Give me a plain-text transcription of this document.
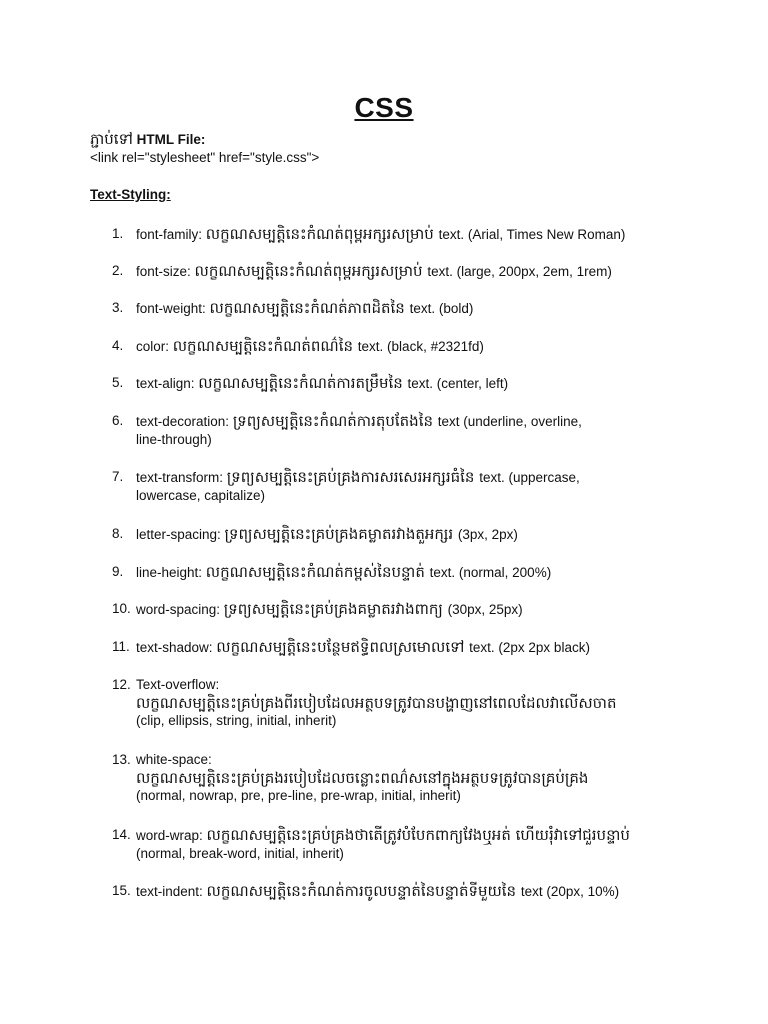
CSS
ភ្ជាប់ទៅ HTML File:
<link rel="stylesheet" href="style.css">
Text-Styling:
1. font-family: លក្ខណសម្បត្តិនេះកំណត់ពុម្ពអក្សរសម្រាប់ text. (Arial, Times New Roman)
2. font-size: លក្ខណសម្បត្តិនេះកំណត់ពុម្ពអក្សរសម្រាប់ text. (large, 200px, 2em, 1rem)
3. font-weight: លក្ខណសម្បត្តិនេះកំណត់ភាពដិតនៃ text. (bold)
4. color: លក្ខណសម្បត្តិនេះកំណត់ពណ៌នៃ text. (black, #2321fd)
5. text-align: លក្ខណសម្បត្តិនេះកំណត់ការតម្រឹមនៃ text. (center, left)
6. text-decoration: ទ្រព្យសម្បត្តិនេះកំណត់ការតុបតែងនៃ text (underline, overline,
line-through)
7. text-transform: ទ្រព្យសម្បត្តិនេះគ្រប់គ្រងការសរសេរអក្សរធំនៃ text. (uppercase,
lowercase, capitalize)
8. letter-spacing: ទ្រព្យសម្បត្តិនេះគ្រប់គ្រងគម្លាតរវាងតួអក្សរ (3px, 2px)
9. line-height: លក្ខណសម្បត្តិនេះកំណត់កម្ពស់នៃបន្ទាត់ text. (normal, 200%)
10. word-spacing: ទ្រព្យសម្បត្តិនេះគ្រប់គ្រងគម្លាតរវាងពាក្យ (30px, 25px)
11. text-shadow: លក្ខណសម្បត្តិនេះបន្ថែមឥទ្ធិពលស្រមោលទៅ text. (2px 2px black)
12. Text-overflow:
លក្ខណសម្បត្តិនេះគ្រប់គ្រងពីរបៀបដែលអត្ថបទត្រូវបានបង្ហាញនៅពេលដែលវាលើសចាត
(clip, ellipsis, string, initial, inherit)
13. white-space:
លក្ខណសម្បត្តិនេះគ្រប់គ្រងរបៀបដែលចន្លោះពណ៌សនៅក្នុងអត្ថបទត្រូវបានគ្រប់គ្រង
(normal, nowrap, pre, pre-line, pre-wrap, initial, inherit)
14. word-wrap: លក្ខណសម្បត្តិនេះគ្រប់គ្រងថាតើត្រូវបំបែកពាក្យវែងឬអត់ ហើយរុំវាទៅជួរបន្ទាប់
(normal, break-word, initial, inherit)
15. text-indent: លក្ខណសម្បត្តិនេះកំណត់ការចូលបន្ទាត់នៃបន្ទាត់ទីមួយនៃ text (20px, 10%)
